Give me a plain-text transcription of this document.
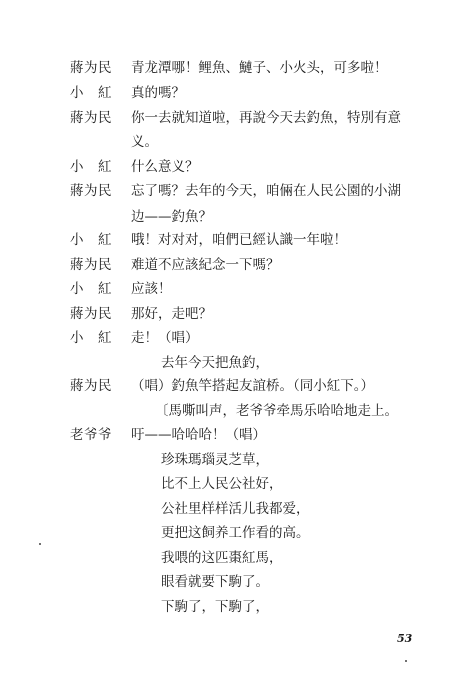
蔣为民	青龙潭哪！鲤魚、鰱子、小火头，可多啦！
小　紅	真的嗎？
蔣为民	你一去就知道啦，再說今天去釣魚，特別有意
义。
小　紅	什么意义？
蔣为民	忘了嗎？去年的今天，咱倆在人民公園的小湖
边——釣魚？
小　紅	哦！对对对，咱們已經认識一年啦！
蔣为民	难道不应該紀念一下嗎？
小　紅	应該！
蔣为民	那好，走吧？
小　紅	走！（唱）
去年今天把魚釣，
蔣为民	（唱）釣魚竿搭起友誼桥。（同小紅下。）
〔馬嘶叫声，老爷爷牵馬乐哈哈地走上。
老爷爷	吁——哈哈哈！（唱）
珍珠瑪瑙灵芝草，
比不上人民公社好，
公社里样样活儿我都爱，
更把这飼养工作看的高。
我喂的这匹棗紅馬，
眼看就要下駒了。
下駒了，下駒了，
53
